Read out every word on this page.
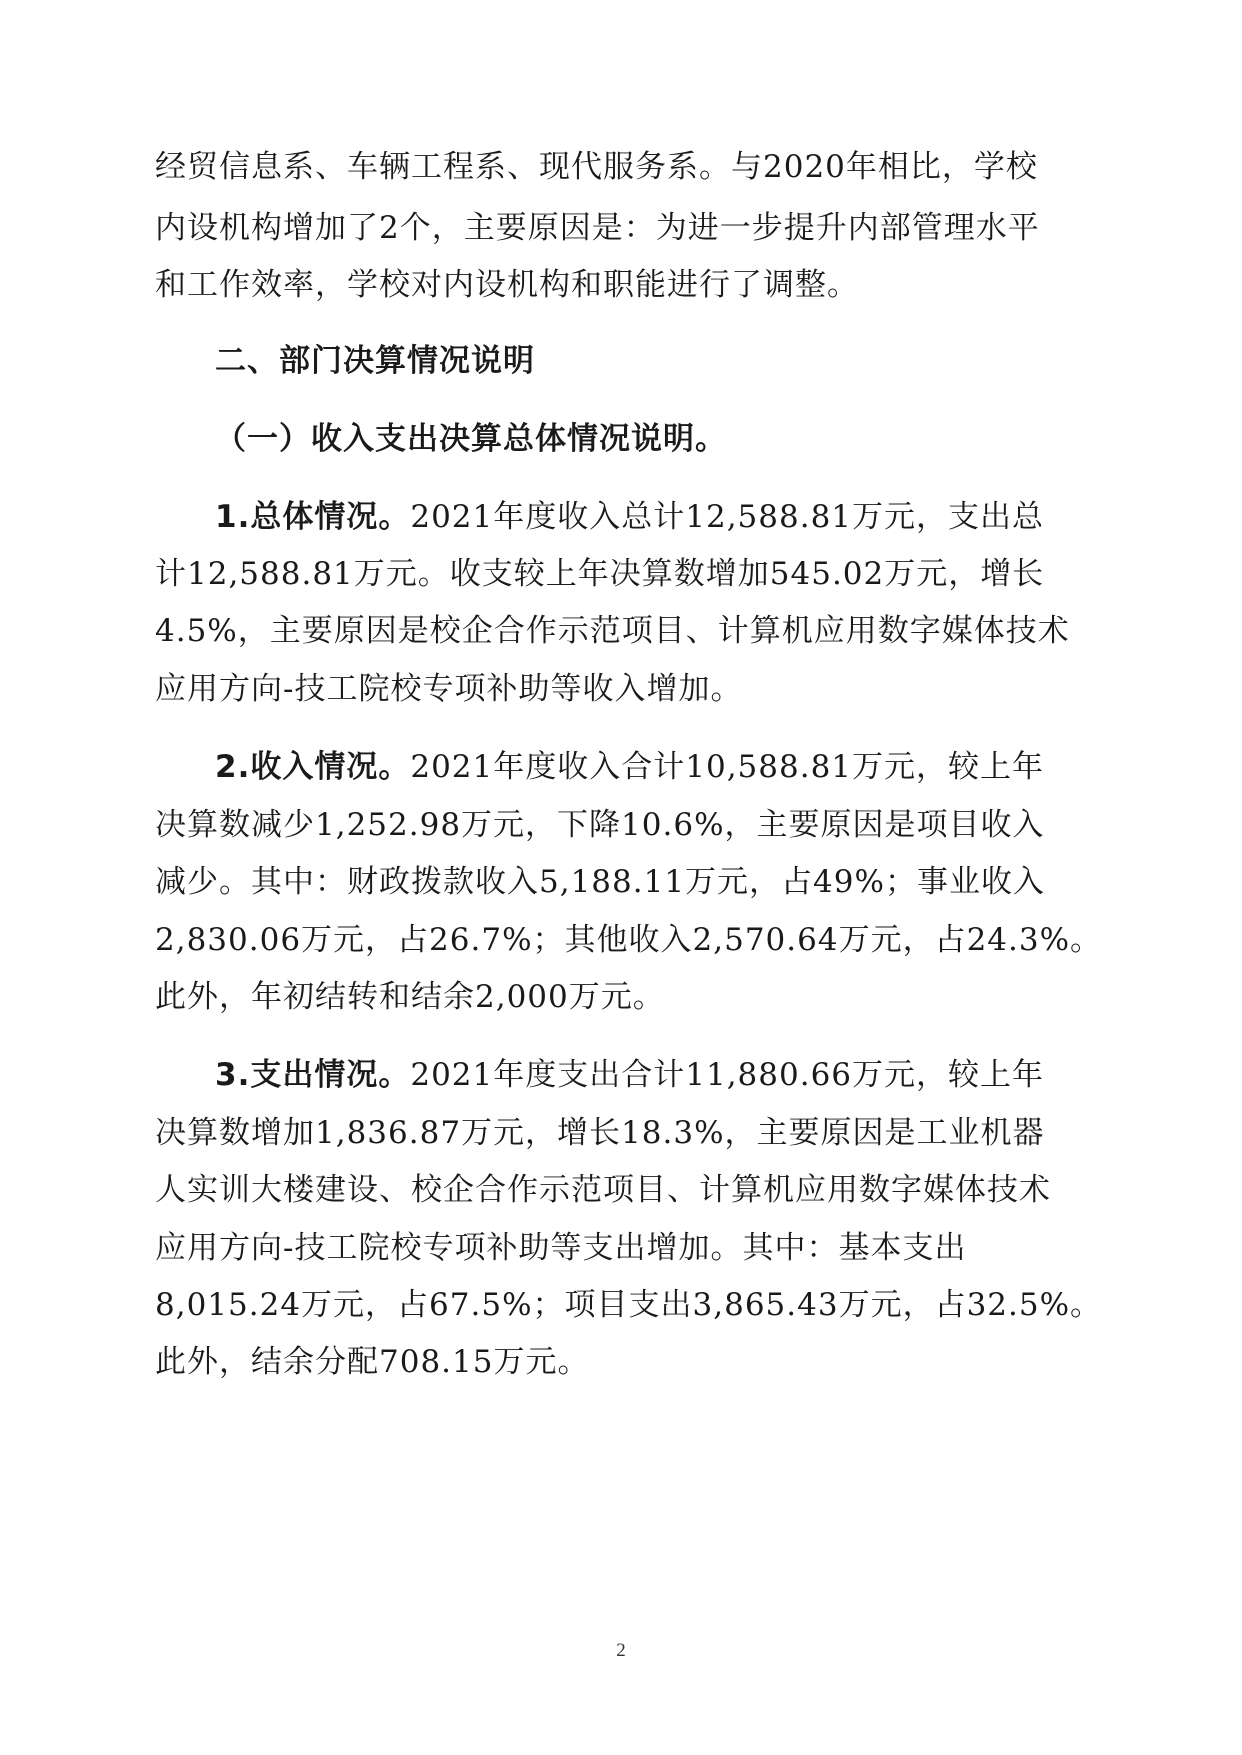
经贸信息系、车辆工程系、现代服务系。与2020年相比，学校
内设机构增加了2个，主要原因是：为进一步提升内部管理水平
和工作效率，学校对内设机构和职能进行了调整。
二、部门决算情况说明
（一）收入支出决算总体情况说明。
1.总体情况。2021年度收入总计12,588.81万元，支出总
计12,588.81万元。收支较上年决算数增加545.02万元，增长
4.5%，主要原因是校企合作示范项目、计算机应用数字媒体技术
应用方向-技工院校专项补助等收入增加。
2.收入情况。2021年度收入合计10,588.81万元，较上年
决算数减少1,252.98万元，下降10.6%，主要原因是项目收入
减少。其中：财政拨款收入5,188.11万元，占49%；事业收入
2,830.06万元，占26.7%；其他收入2,570.64万元，占24.3%。
此外，年初结转和结余2,000万元。
3.支出情况。2021年度支出合计11,880.66万元，较上年
决算数增加1,836.87万元，增长18.3%，主要原因是工业机器
人实训大楼建设、校企合作示范项目、计算机应用数字媒体技术
应用方向-技工院校专项补助等支出增加。其中：基本支出
8,015.24万元，占67.5%；项目支出3,865.43万元，占32.5%。
此外，结余分配708.15万元。
2
